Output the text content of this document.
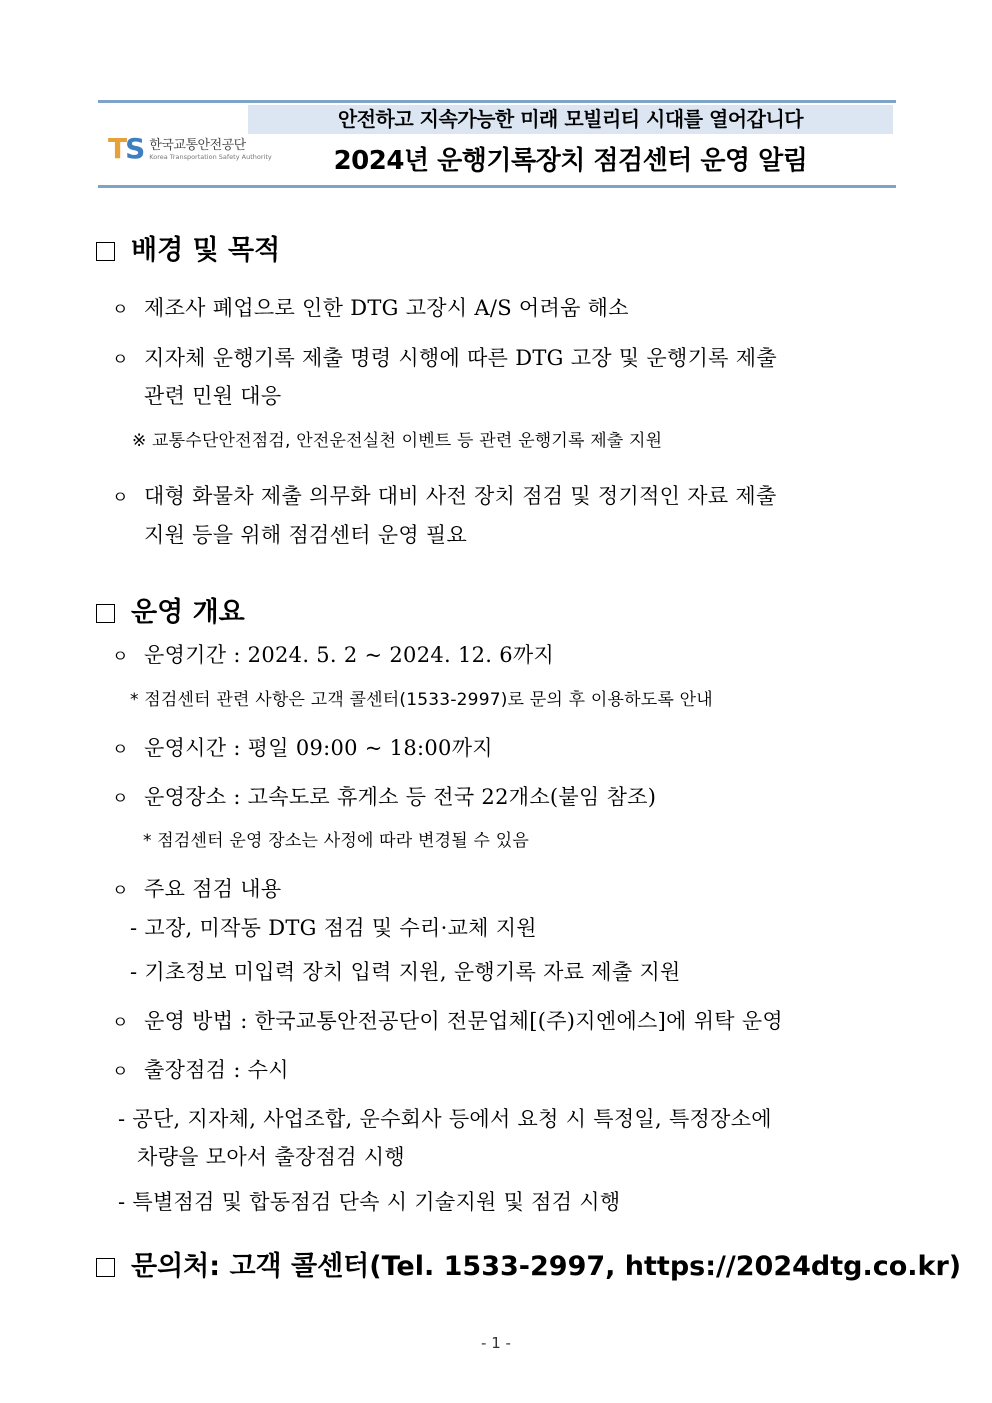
TS 한국교통안전공단
Korea Transportation Safety Authority
안전하고 지속가능한 미래 모빌리티 시대를 열어갑니다
2024년 운행기록장치 점검센터 운영 알림
배경 및 목적
ㅇ 제조사 폐업으로 인한 DTG 고장시 A/S 어려움 해소
ㅇ 지자체 운행기록 제출 명령 시행에 따른 DTG 고장 및 운행기록 제출
관련 민원 대응
※ 교통수단안전점검, 안전운전실천 이벤트 등 관련 운행기록 제출 지원
ㅇ 대형 화물차 제출 의무화 대비 사전 장치 점검 및 정기적인 자료 제출
지원 등을 위해 점검센터 운영 필요
운영 개요
ㅇ 운영기간 : 2024. 5. 2 ~ 2024. 12. 6까지
* 점검센터 관련 사항은 고객 콜센터(1533-2997)로 문의 후 이용하도록 안내
ㅇ 운영시간 : 평일 09:00 ~ 18:00까지
ㅇ 운영장소 : 고속도로 휴게소 등 전국 22개소(붙임 참조)
* 점검센터 운영 장소는 사정에 따라 변경될 수 있음
ㅇ 주요 점검 내용
- 고장, 미작동 DTG 점검 및 수리·교체 지원
- 기초정보 미입력 장치 입력 지원, 운행기록 자료 제출 지원
ㅇ 운영 방법 : 한국교통안전공단이 전문업체[(주)지엔에스]에 위탁 운영
ㅇ 출장점검 : 수시
- 공단, 지자체, 사업조합, 운수회사 등에서 요청 시 특정일, 특정장소에
차량을 모아서 출장점검 시행
- 특별점검 및 합동점검 단속 시 기술지원 및 점검 시행
문의처: 고객 콜센터(Tel. 1533-2997, https://2024dtg.co.kr)
- 1 -
